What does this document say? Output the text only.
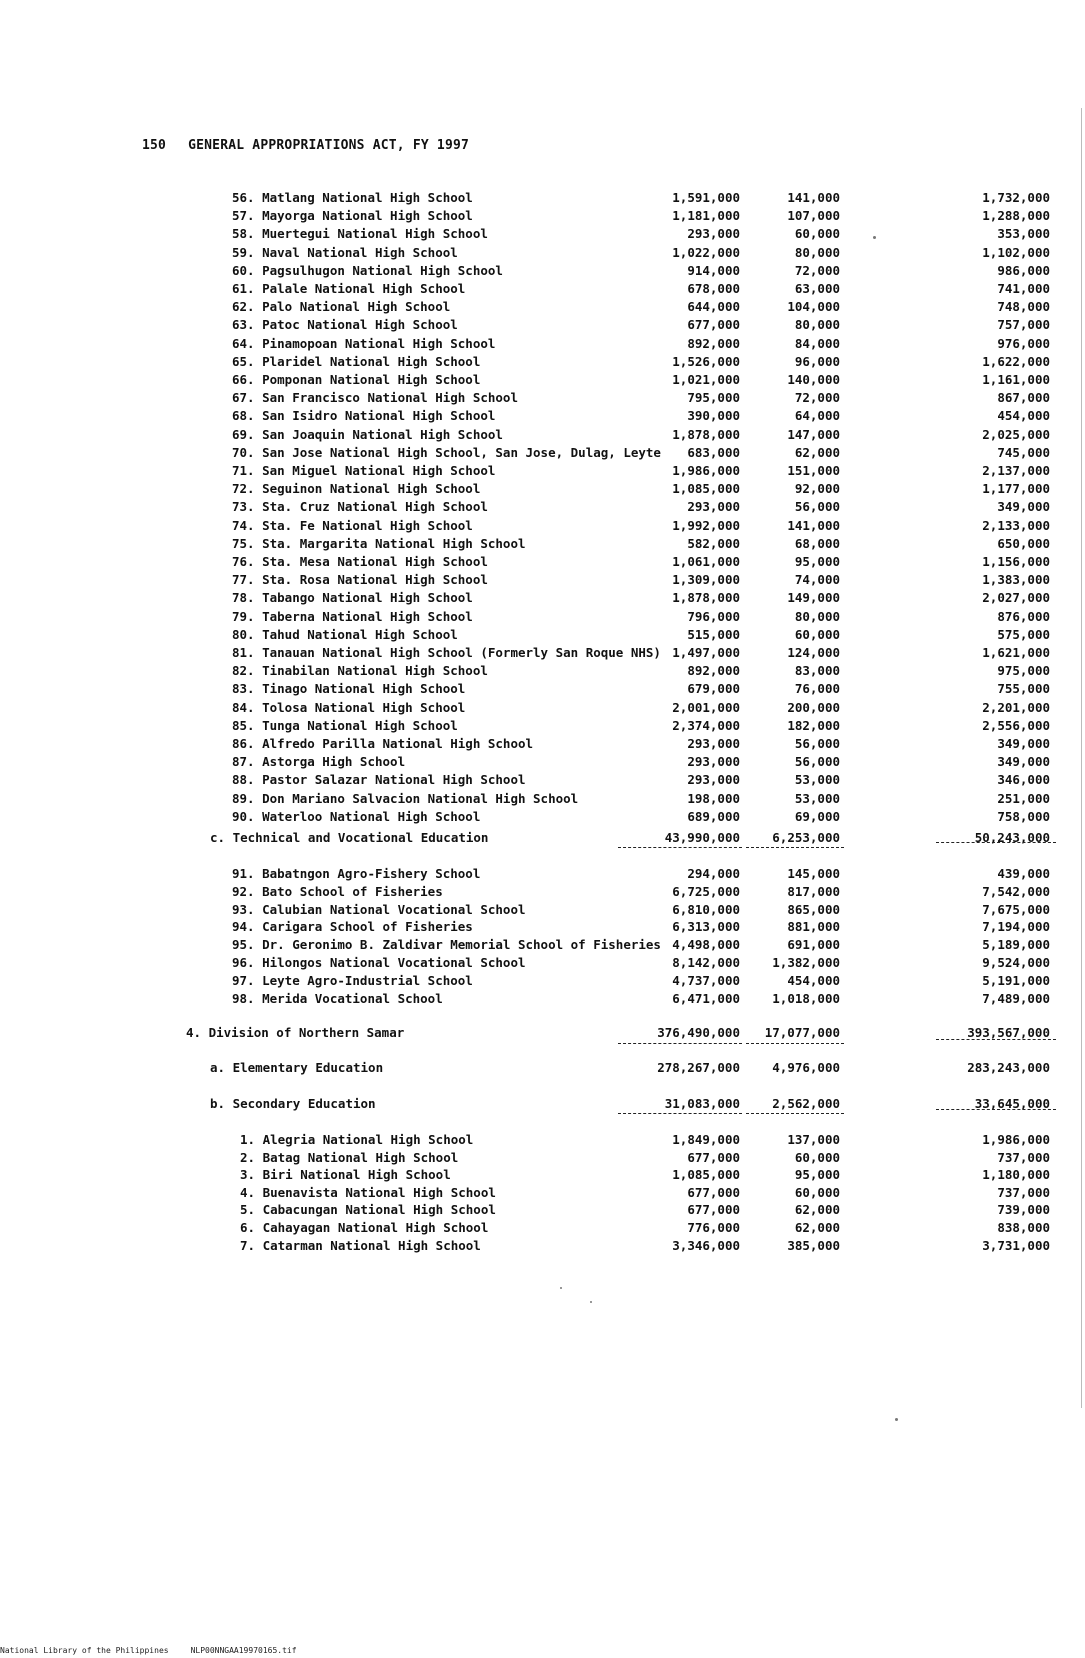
150 GENERAL APPROPRIATIONS ACT, FY 1997
56. Matlang National High School	1,591,000	141,000	1,732,000
57. Mayorga National High School	1,181,000	107,000	1,288,000
58. Muertegui National High School	293,000	60,000	353,000
59. Naval National High School	1,022,000	80,000	1,102,000
60. Pagsulhugon National High School	914,000	72,000	986,000
61. Palale National High School	678,000	63,000	741,000
62. Palo National High School	644,000	104,000	748,000
63. Patoc National High School	677,000	80,000	757,000
64. Pinamopoan National High School	892,000	84,000	976,000
65. Plaridel National High School	1,526,000	96,000	1,622,000
66. Pomponan National High School	1,021,000	140,000	1,161,000
67. San Francisco National High School	795,000	72,000	867,000
68. San Isidro National High School	390,000	64,000	454,000
69. San Joaquin National High School	1,878,000	147,000	2,025,000
70. San Jose National High School, San Jose, Dulag, Leyte	683,000	62,000	745,000
71. San Miguel National High School	1,986,000	151,000	2,137,000
72. Seguinon National High School	1,085,000	92,000	1,177,000
73. Sta. Cruz National High School	293,000	56,000	349,000
74. Sta. Fe National High School	1,992,000	141,000	2,133,000
75. Sta. Margarita National High School	582,000	68,000	650,000
76. Sta. Mesa National High School	1,061,000	95,000	1,156,000
77. Sta. Rosa National High School	1,309,000	74,000	1,383,000
78. Tabango National High School	1,878,000	149,000	2,027,000
79. Taberna National High School	796,000	80,000	876,000
80. Tahud National High School	515,000	60,000	575,000
81. Tanauan National High School (Formerly San Roque NHS) 1,497,000	124,000	1,621,000
82. Tinabilan National High School	892,000	83,000	975,000
83. Tinago National High School	679,000	76,000	755,000
84. Tolosa National High School	2,001,000	200,000	2,201,000
85. Tunga National High School	2,374,000	182,000	2,556,000
86. Alfredo Parilla National High School	293,000	56,000	349,000
87. Astorga High School	293,000	56,000	349,000
88. Pastor Salazar National High School	293,000	53,000	346,000
89. Don Mariano Salvacion National High School	198,000	53,000	251,000
90. Waterloo National High School	689,000	69,000	758,000
c. Technical and Vocational Education	43,990,000	6,253,000	50,243,000
91. Babatngon Agro-Fishery School	294,000	145,000	439,000
92. Bato School of Fisheries	6,725,000	817,000	7,542,000
93. Calubian National Vocational School	6,810,000	865,000	7,675,000
94. Carigara School of Fisheries	6,313,000	881,000	7,194,000
95. Dr. Geronimo B. Zaldivar Memorial School of Fisheries 4,498,000	691,000	5,189,000
96. Hilongos National Vocational School	8,142,000	1,382,000	9,524,000
97. Leyte Agro-Industrial School	4,737,000	454,000	5,191,000
98. Merida Vocational School	6,471,000	1,018,000	7,489,000
4. Division of Northern Samar	376,490,000	17,077,000	393,567,000
a. Elementary Education	278,267,000	4,976,000	283,243,000
b. Secondary Education	31,083,000	2,562,000	33,645,000
1. Alegria National High School	1,849,000	137,000	1,986,000
2. Batag National High School	677,000	60,000	737,000
3. Biri National High School	1,085,000	95,000	1,180,000
4. Buenavista National High School	677,000	60,000	737,000
5. Cabacungan National High School	677,000	62,000	739,000
6. Cahayagan National High School	776,000	62,000	838,000
7. Catarman National High School	3,346,000	385,000	3,731,000
National Library of the Philippines	NLP00NNGAA19970165.tif
